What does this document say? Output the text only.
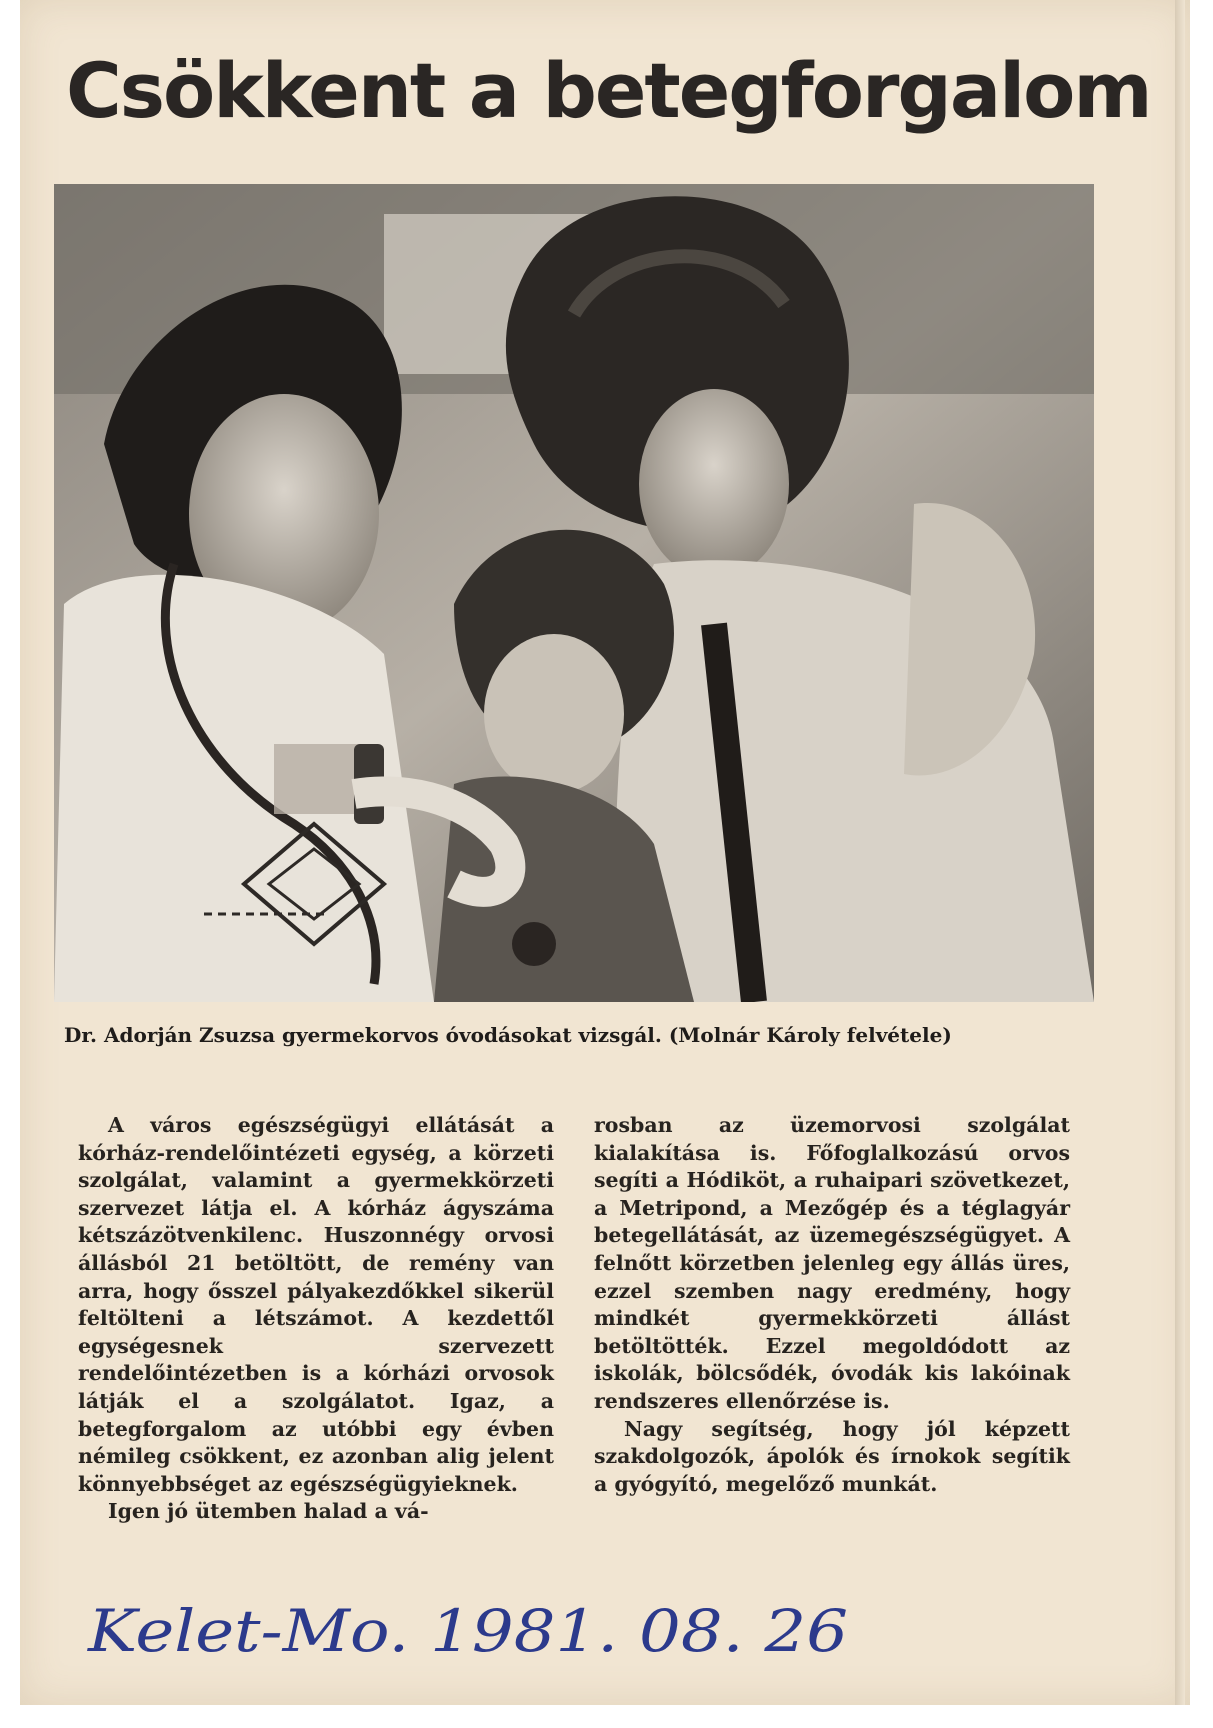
Csökkent a betegforgalom

Dr. Adorján Zsuzsa gyermekorvos óvodásokat vizsgál. (Molnár Károly felvétele)

A város egészségügyi ellátását a kórház-rendelőintézeti egység, a körzeti szolgálat, valamint a gyermekkörzeti szervezet látja el. A kórház ágyszáma kétszázötvenkilenc. Huszonnégy orvosi állásból 21 betöltött, de remény van arra, hogy ősszel pályakezdőkkel sikerül feltölteni a létszámot. A kezdettől egységesnek szervezett rendelőintézetben is a kórházi orvosok látják el a szolgálatot. Igaz, a betegforgalom az utóbbi egy évben némileg csökkent, ez azonban alig jelent könnyebbséget az egészségügyieknek.

Igen jó ütemben halad a vá-

rosban az üzemorvosi szolgálat kialakítása is. Főfoglalkozású orvos segíti a Hódiköt, a ruhaipari szövetkezet, a Metripond, a Mezőgép és a téglagyár betegellátását, az üzemegészségügyet. A felnőtt körzetben jelenleg egy állás üres, ezzel szemben nagy eredmény, hogy mindkét gyermekkörzeti állást betöltötték. Ezzel megoldódott az iskolák, bölcsődék, óvodák kis lakóinak rendszeres ellenőrzése is.

Nagy segítség, hogy jól képzett szakdolgozók, ápolók és írnokok segítik a gyógyító, megelőző munkát.

Kelet-Mo. 1981. 08. 26
